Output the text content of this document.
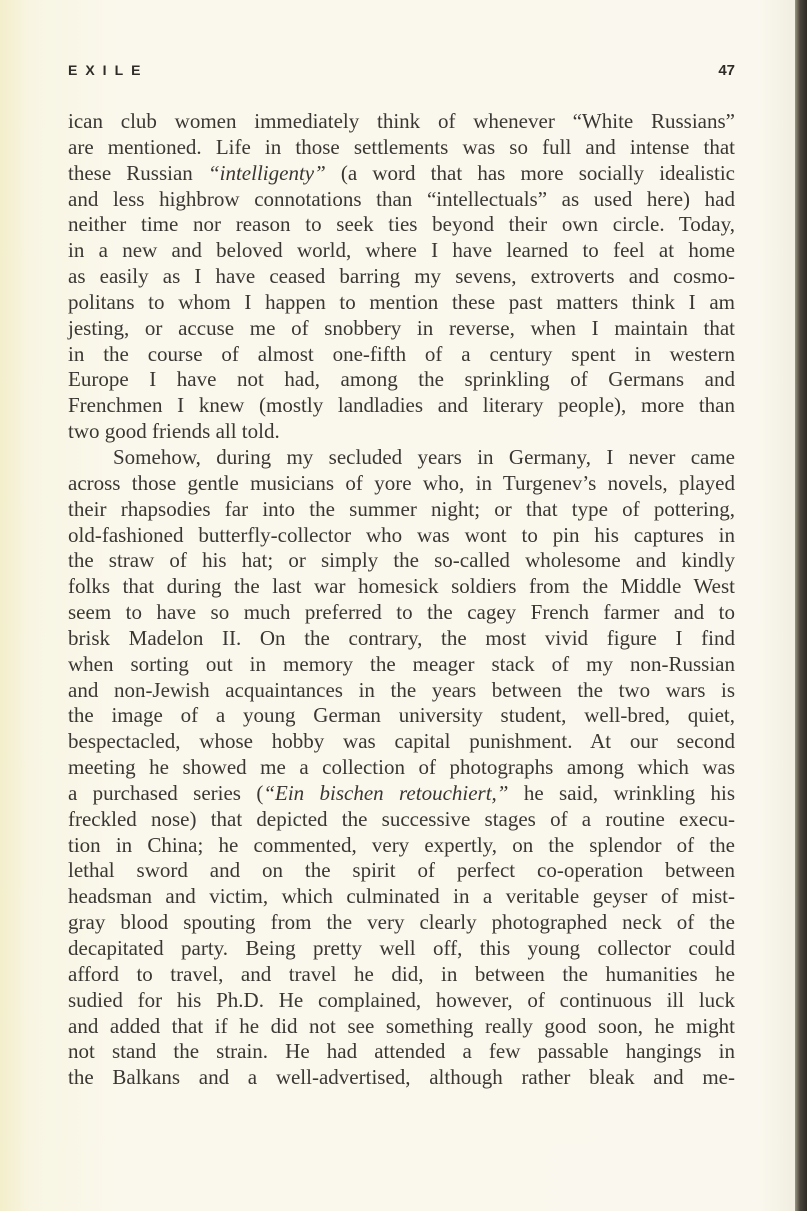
EXILE	47
ican club women immediately think of whenever “White Russians”
are mentioned. Life in those settlements was so full and intense that
these Russian “intelligenty” (a word that has more socially idealistic
and less highbrow connotations than “intellectuals” as used here) had
neither time nor reason to seek ties beyond their own circle. Today,
in a new and beloved world, where I have learned to feel at home
as easily as I have ceased barring my sevens, extroverts and cosmo-
politans to whom I happen to mention these past matters think I am
jesting, or accuse me of snobbery in reverse, when I maintain that
in the course of almost one-fifth of a century spent in western
Europe I have not had, among the sprinkling of Germans and
Frenchmen I knew (mostly landladies and literary people), more than
two good friends all told.
Somehow, during my secluded years in Germany, I never came
across those gentle musicians of yore who, in Turgenev’s novels, played
their rhapsodies far into the summer night; or that type of pottering,
old-fashioned butterfly-collector who was wont to pin his captures in
the straw of his hat; or simply the so-called wholesome and kindly
folks that during the last war homesick soldiers from the Middle West
seem to have so much preferred to the cagey French farmer and to
brisk Madelon II. On the contrary, the most vivid figure I find
when sorting out in memory the meager stack of my non-Russian
and non-Jewish acquaintances in the years between the two wars is
the image of a young German university student, well-bred, quiet,
bespectacled, whose hobby was capital punishment. At our second
meeting he showed me a collection of photographs among which was
a purchased series (“Ein bischen retouchiert,” he said, wrinkling his
freckled nose) that depicted the successive stages of a routine execu-
tion in China; he commented, very expertly, on the splendor of the
lethal sword and on the spirit of perfect co-operation between
headsman and victim, which culminated in a veritable geyser of mist-
gray blood spouting from the very clearly photographed neck of the
decapitated party. Being pretty well off, this young collector could
afford to travel, and travel he did, in between the humanities he
sudied for his Ph.D. He complained, however, of continuous ill luck
and added that if he did not see something really good soon, he might
not stand the strain. He had attended a few passable hangings in
the Balkans and a well-advertised, although rather bleak and me-
